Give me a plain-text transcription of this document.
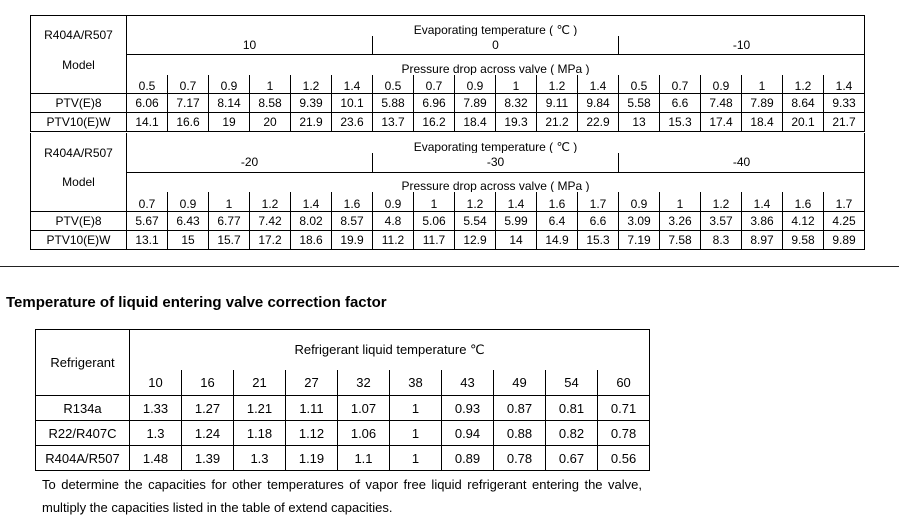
R404A/R507	Evaporating temperature ( ℃ )																	
	10						0						-10					
Model	Pressure drop across valve ( MPa )																	
	0.5	0.7	0.9	1	1.2	1.4	0.5	0.7	0.9	1	1.2	1.4	0.5	0.7	0.9	1	1.2	1.4
PTV(E)8	6.06	7.17	8.14	8.58	9.39	10.1	5.88	6.96	7.89	8.32	9.11	9.84	5.58	6.6	7.48	7.89	8.64	9.33
PTV10(E)W	14.1	16.6	19	20	21.9	23.6	13.7	16.2	18.4	19.3	21.2	22.9	13	15.3	17.4	18.4	20.1	21.7
R404A/R507	Evaporating temperature ( ℃ )																	
	-20						-30						-40					
Model	Pressure drop across valve ( MPa )																	
	0.7	0.9	1	1.2	1.4	1.6	0.9	1	1.2	1.4	1.6	1.7	0.9	1	1.2	1.4	1.6	1.7
PTV(E)8	5.67	6.43	6.77	7.42	8.02	8.57	4.8	5.06	5.54	5.99	6.4	6.6	3.09	3.26	3.57	3.86	4.12	4.25
PTV10(E)W	13.1	15	15.7	17.2	18.6	19.9	11.2	11.7	12.9	14	14.9	15.3	7.19	7.58	8.3	8.97	9.58	9.89
Temperature of liquid entering valve correction factor
Refrigerant	Refrigerant liquid temperature ℃									
	10	16	21	27	32	38	43	49	54	60
R134a	1.33	1.27	1.21	1.11	1.07	1	0.93	0.87	0.81	0.71
R22/R407C	1.3	1.24	1.18	1.12	1.06	1	0.94	0.88	0.82	0.78
R404A/R507	1.48	1.39	1.3	1.19	1.1	1	0.89	0.78	0.67	0.56
To determine the capacities for other temperatures of vapor free liquid refrigerant entering the valve, multiply the capacities listed in the table of extend capacities.
